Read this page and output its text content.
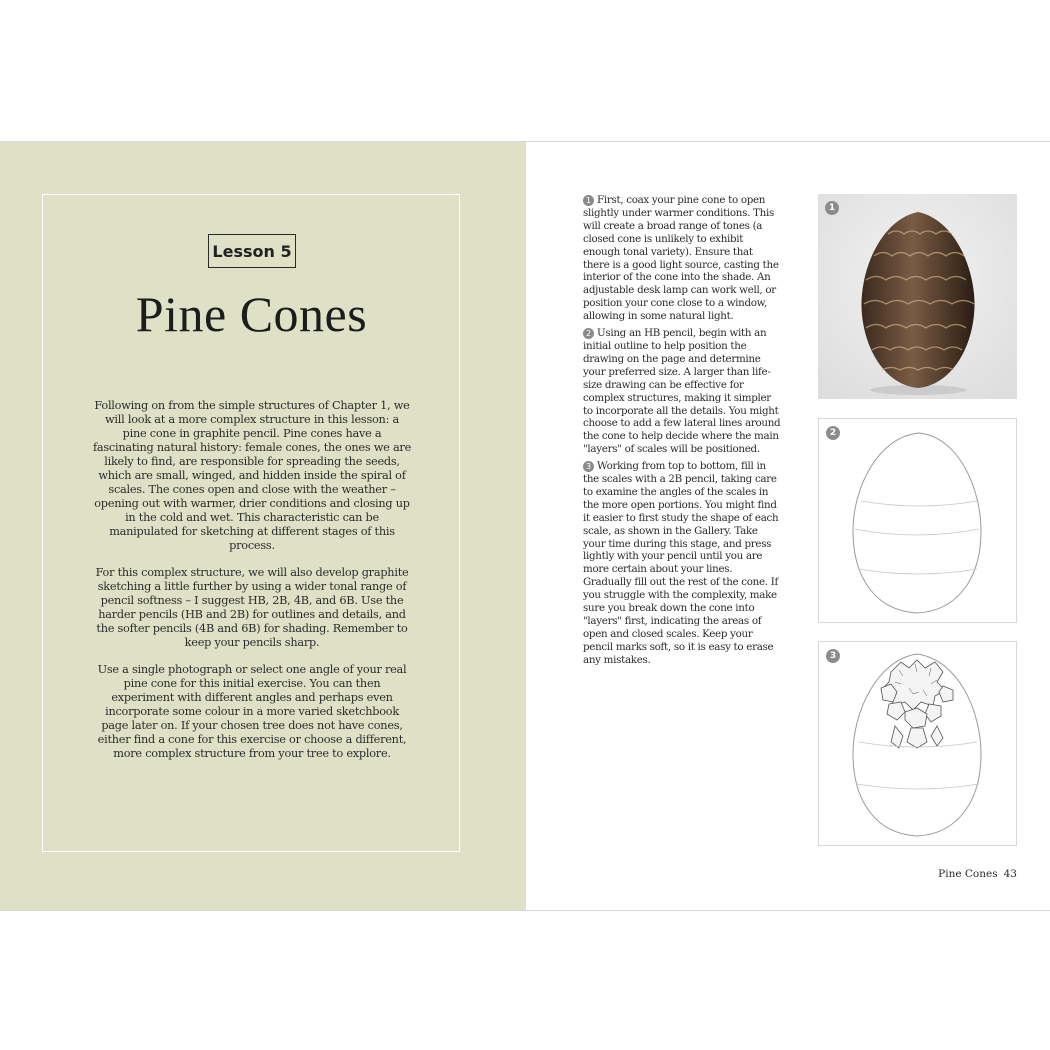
Lesson 5
Pine Cones

Following on from the simple structures of Chapter 1, we will look at a more complex structure in this lesson: a pine cone in graphite pencil. Pine cones have a fascinating natural history: female cones, the ones we are likely to find, are responsible for spreading the seeds, which are small, winged, and hidden inside the spiral of scales. The cones open and close with the weather – opening out with warmer, drier conditions and closing up in the cold and wet. This characteristic can be manipulated for sketching at different stages of this process.

For this complex structure, we will also develop graphite sketching a little further by using a wider tonal range of pencil softness – I suggest HB, 2B, 4B, and 6B. Use the harder pencils (HB and 2B) for outlines and details, and the softer pencils (4B and 6B) for shading. Remember to keep your pencils sharp.

Use a single photograph or select one angle of your real pine cone for this initial exercise. You can then experiment with different angles and perhaps even incorporate some colour in a more varied sketchbook page later on. If your chosen tree does not have cones, either find a cone for this exercise or choose a different, more complex structure from your tree to explore.

1 First, coax your pine cone to open slightly under warmer conditions. This will create a broad range of tones (a closed cone is unlikely to exhibit enough tonal variety). Ensure that there is a good light source, casting the interior of the cone into the shade. An adjustable desk lamp can work well, or position your cone close to a window, allowing in some natural light.

2 Using an HB pencil, begin with an initial outline to help position the drawing on the page and determine your preferred size. A larger than life-size drawing can be effective for complex structures, making it simpler to incorporate all the details. You might choose to add a few lateral lines around the cone to help decide where the main "layers" of scales will be positioned.

3 Working from top to bottom, fill in the scales with a 2B pencil, taking care to examine the angles of the scales in the more open portions. You might find it easier to first study the shape of each scale, as shown in the Gallery. Take your time during this stage, and press lightly with your pencil until you are more certain about your lines. Gradually fill out the rest of the cone. If you struggle with the complexity, make sure you break down the cone into "layers" first, indicating the areas of open and closed scales. Keep your pencil marks soft, so it is easy to erase any mistakes.

1
2
3
Pine Cones 43
